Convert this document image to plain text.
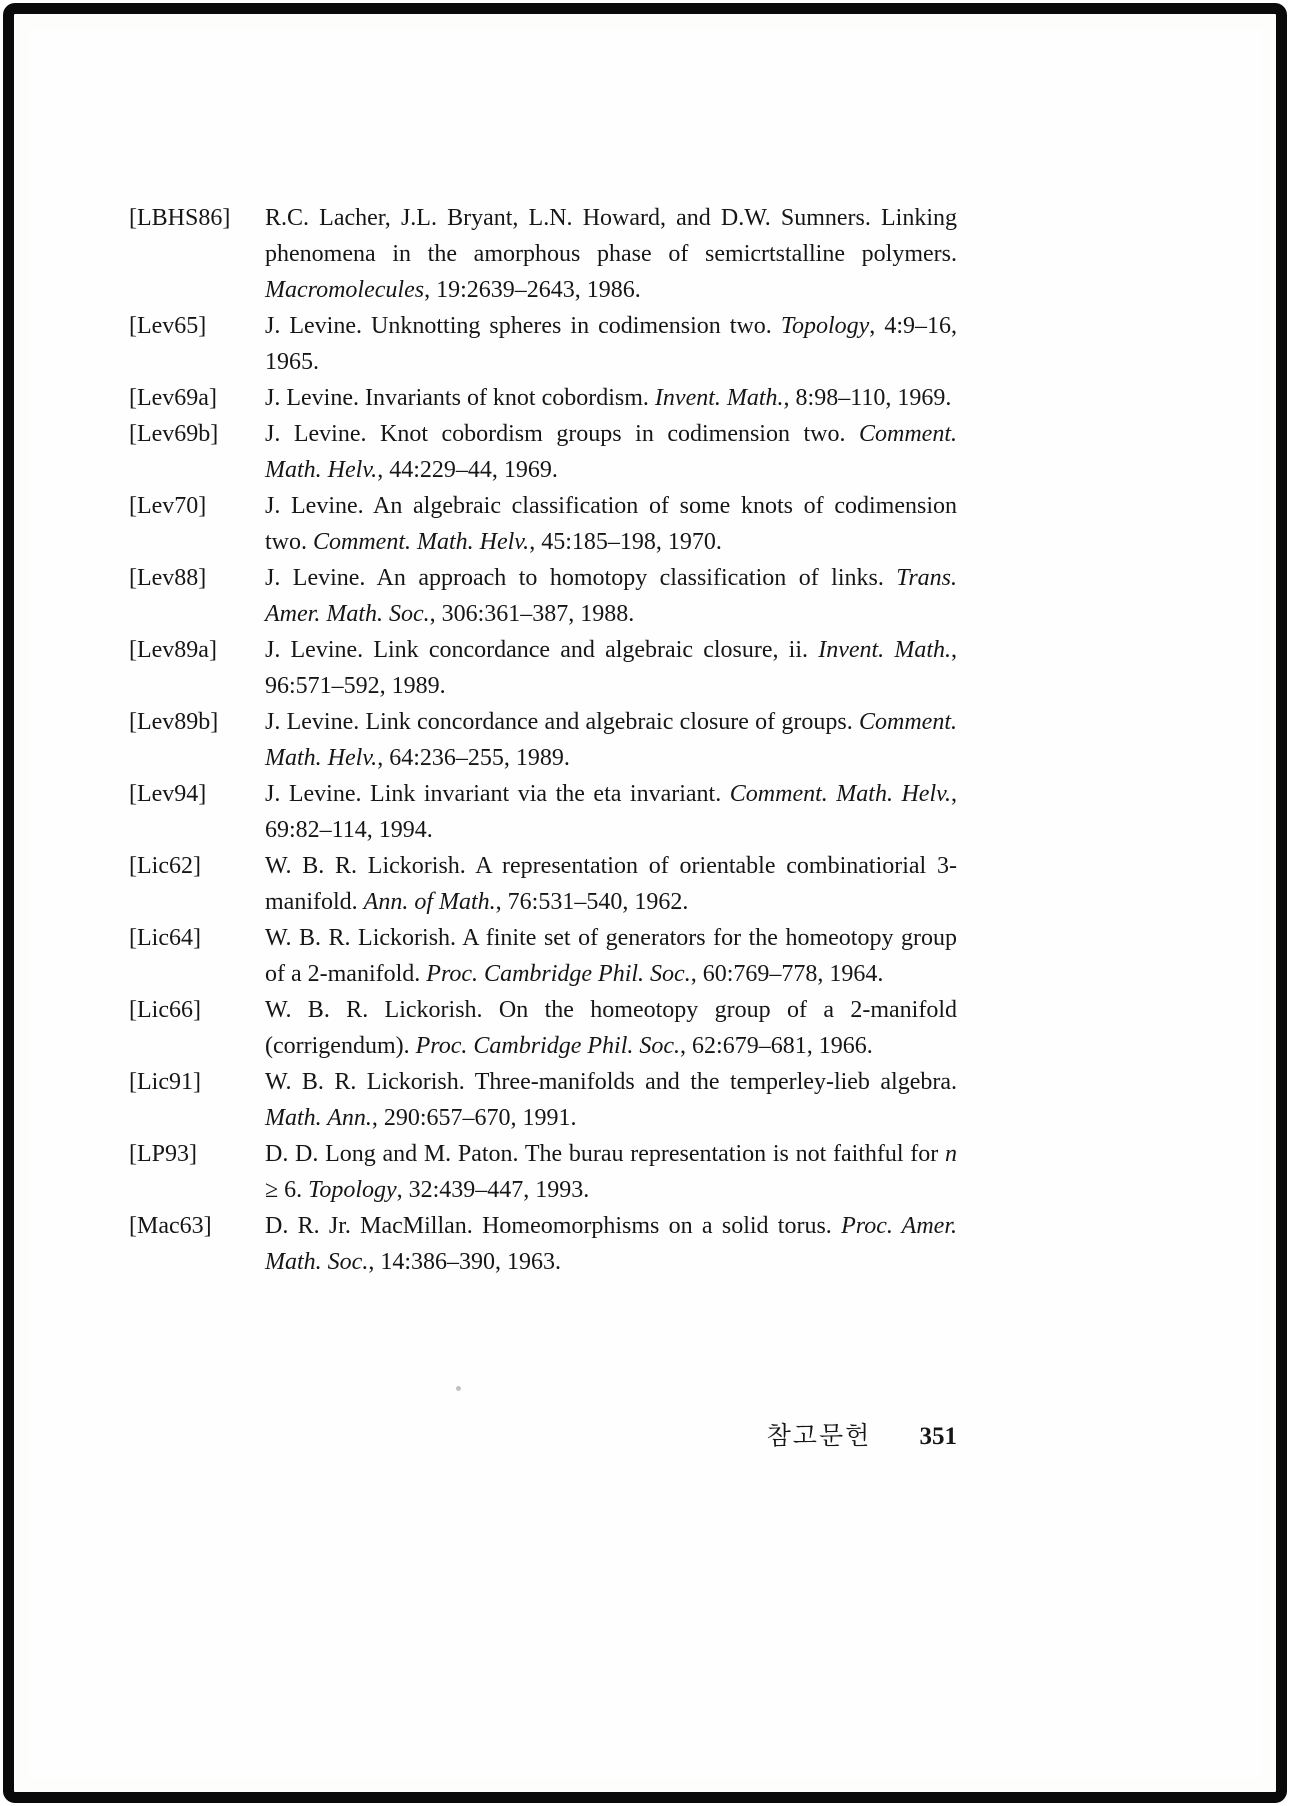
[LBHS86]	R.C. Lacher, J.L. Bryant, L.N. Howard, and D.W. Sumners. Linking phenomena in the amorphous phase of semicrtstalline polymers. Macromolecules, 19:2639–2643, 1986.
[Lev65]	J. Levine. Unknotting spheres in codimension two. Topology, 4:9–16, 1965.
[Lev69a]	J. Levine. Invariants of knot cobordism. Invent. Math., 8:98–110, 1969.
[Lev69b]	J. Levine. Knot cobordism groups in codimension two. Comment. Math. Helv., 44:229–44, 1969.
[Lev70]	J. Levine. An algebraic classification of some knots of codimension two. Comment. Math. Helv., 45:185–198, 1970.
[Lev88]	J. Levine. An approach to homotopy classification of links. Trans. Amer. Math. Soc., 306:361–387, 1988.
[Lev89a]	J. Levine. Link concordance and algebraic closure, ii. Invent. Math., 96:571–592, 1989.
[Lev89b]	J. Levine. Link concordance and algebraic closure of groups. Comment. Math. Helv., 64:236–255, 1989.
[Lev94]	J. Levine. Link invariant via the eta invariant. Comment. Math. Helv., 69:82–114, 1994.
[Lic62]	W. B. R. Lickorish. A representation of orientable combinatiorial 3-manifold. Ann. of Math., 76:531–540, 1962.
[Lic64]	W. B. R. Lickorish. A finite set of generators for the homeotopy group of a 2-manifold. Proc. Cambridge Phil. Soc., 60:769–778, 1964.
[Lic66]	W. B. R. Lickorish. On the homeotopy group of a 2-manifold (corrigendum). Proc. Cambridge Phil. Soc., 62:679–681, 1966.
[Lic91]	W. B. R. Lickorish. Three-manifolds and the temperley-lieb algebra. Math. Ann., 290:657–670, 1991.
[LP93]	D. D. Long and M. Paton. The burau representation is not faithful for n ≥ 6. Topology, 32:439–447, 1993.
[Mac63]	D. R. Jr. MacMillan. Homeomorphisms on a solid torus. Proc. Amer. Math. Soc., 14:386–390, 1963.
참고문헌 351
